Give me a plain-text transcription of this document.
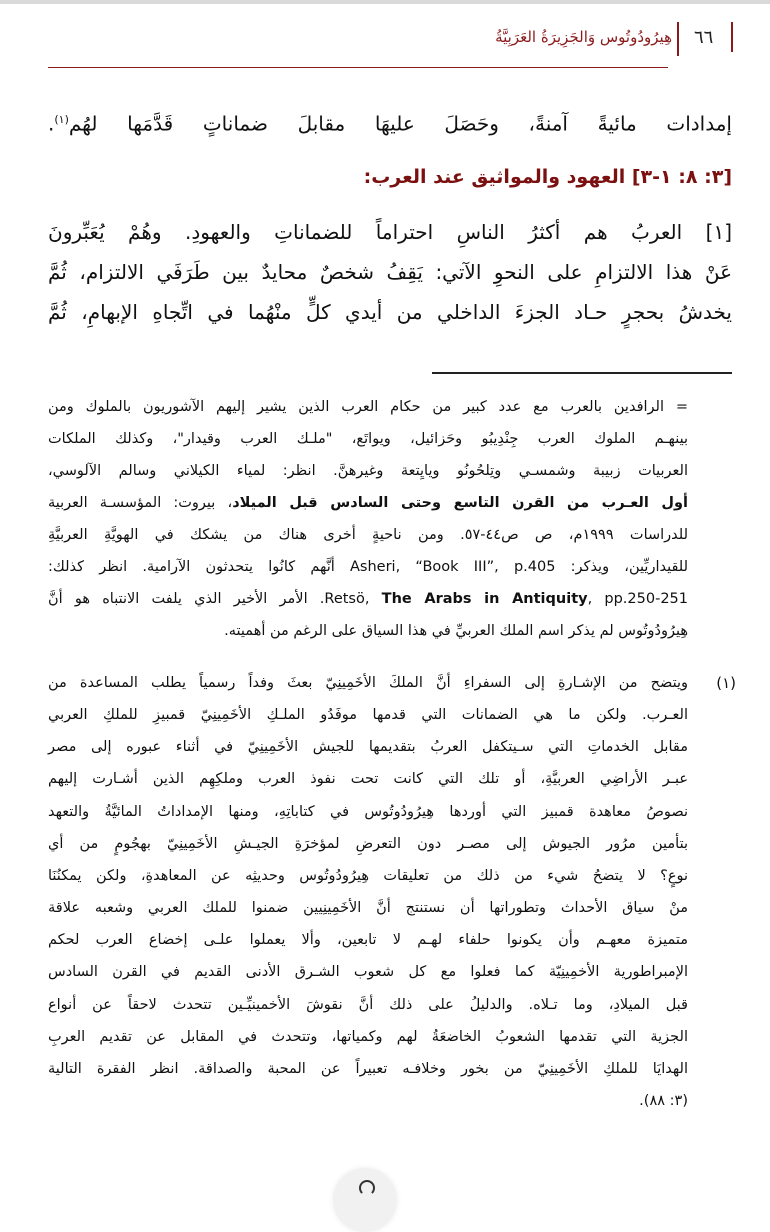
٦٦
هِيرُودُوتُوس وَالجَزِيرَةُ العَرَبِيَّةُ
إمدادات مائيةً آمنةً، وحَصَلَ عليهَا مقابلَ ضماناتٍ قَدَّمَها لهُم$^{(١)}$.
[٣: ٨: ١-٣] العهود والمواثيق عند العرب:
[١] العربُ هم أكثرُ الناسِ احتراماً للضماناتِ والعهودِ. وهُمْ يُعَبِّرونَ
عَنْ هذا الالتزامِ على النحوِ الآتي: يَقِفُ شخصٌ محايدٌ بين طَرَفَي الالتزام، ثُمَّ
يخدشُ بحجرٍ حـاد الجزءَ الداخلي من أيدي كلٍّ منْهُما في اتِّجاهِ الإبهامِ، ثُمَّ
(١)
= الرافدين بالعرب مع عدد كبير من حكام العرب الذين يشير إليهم الآشوريون بالملوك ومن
بينهـم الملوك العرب جِنْدِيبُو وحَزائيل، ويواتَع، "ملـك العرب وقيدار"، وكذلك الملكات
العربيات زبيبة وشمسـي وتِلحُونُو ويايِتعة وغيرهنَّ. انظر: لمياء الكيلاني وسالم الآلوسي،
أول العـرب من القرن التاسع وحتى السادس قبل الميلاد، بيروت: المؤسسـة العربية
للدراسات ١٩٩٩م، ص ص٤٤-٥٧. ومن ناحيةٍ أخرى هناك من يشكك في الهويَّةِ العربيَّةِ
للقيداريِّين، ويذكر: Asheri, “Book III”, p.405 أنَّهم كانُوا يتحدثون الآرامية. انظر كذلك:
Retsö, The Arabs in Antiquity, pp.250-251. الأمر الأخير الذي يلفت الانتباه هو أنَّ
هِيرُودُوتُوس لم يذكر اسم الملك العربيِّ في هذا السياق على الرغم من أهميته.
ويتضح من الإشـارةِ إلى السفراءِ أنَّ الملكَ الأخَمِينِيّ بعثَ وفداً رسمياً يطلب المساعدة من
العـرب. ولكن ما هي الضمانات التي قدمها موفَدُو الملـكِ الأخَمِينِيّ قمبيزِ للملكِ العربي
مقابل الخدماتِ التي سـيتكفل العربُ بتقديمها للجيش الأخَمِينِيّ في أثناء عبوره إلى مصر
عبـر الأراضِي العربيَّةِ، أو تلك التي كانت تحت نفوذ العرب وملكِهِم الذين أشـارت إليهم
نصوصُ معاهدة قمبيز التي أوردها هِيرُودُوتُوس في كتاباتِهِ، ومنها الإمداداتُ المائيَّةُ والتعهد
بتأمين مرُور الجيوش إلى مصـر دون التعرضِ لمؤخرَةِ الجيـشِ الأخَمِينِيّ بهجُومٍ من أي
نوعٍ؟ لا يتضحُ شيء من ذلك من تعليقات هِيرُودُوتُوس وحديثِه عن المعاهدةِ، ولكن يمكنُنَا
منْ سياق الأحداث وتطوراتها أن نستنتج أنَّ الأخَمِينِيين ضمنوا للملك العربي وشعبه علاقة
متميزة معهـم وأن يكونوا حلفاء لهـم لا تابعين، وألا يعملوا علـى إخضاع العرب لحكم
الإمبراطورية الأخمِينِيّة كما فعلوا مع كل شعوب الشـرق الأدنى القديم في القرن السادس
قبل الميلادِ، وما تـلاه. والدليلُ على ذلك أنَّ نقوشَ الأخمينيِّـين تتحدث لاحقاً عن أنواع
الجزية التي تقدمها الشعوبُ الخاضعَةُ لهم وكمياتها، وتتحدث في المقابل عن تقديم العربِ
الهدايَا للملكِ الأخَمِينِيّ من بخور وخلافـه تعبيراً عن المحبة والصداقة. انظر الفقرة التالية
(٣: ٨٨).
